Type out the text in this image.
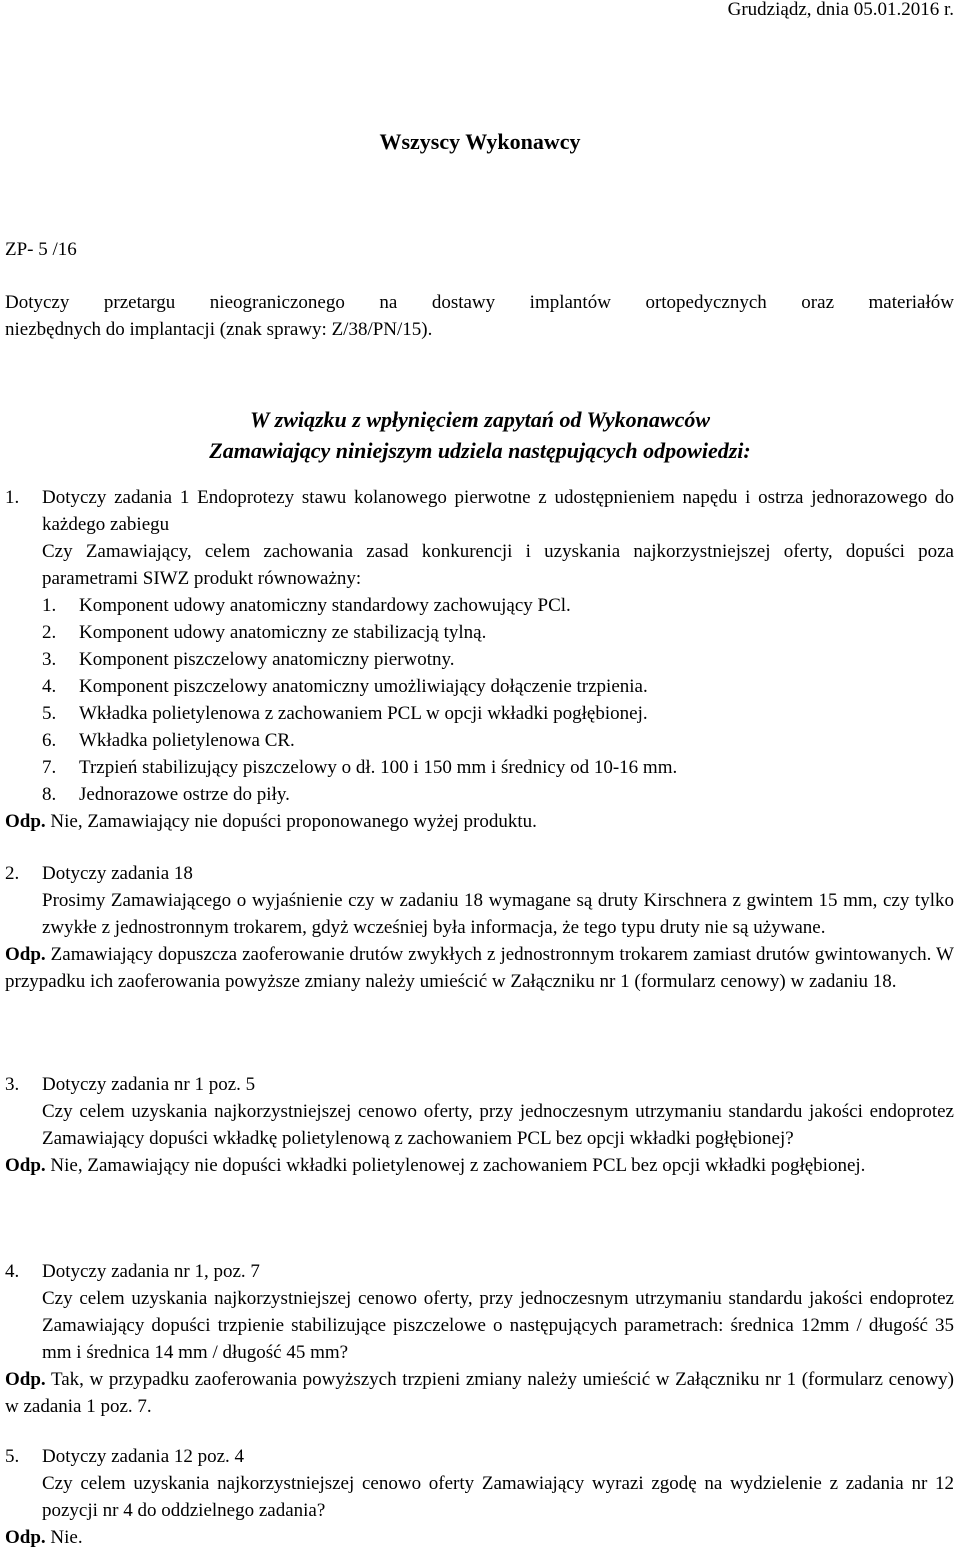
Grudziądz, dnia 05.01.2016 r.
Wszyscy Wykonawcy
ZP- 5 /16
Dotyczy przetargu nieograniczonego na dostawy implantów ortopedycznych oraz materiałów
niezbędnych do implantacji (znak sprawy: Z/38/PN/15).
W związku z wpłynięciem zapytań od Wykonawców
Zamawiający niniejszym udziela następujących odpowiedzi:
1.	Dotyczy zadania 1 Endoprotezy stawu kolanowego pierwotne z udostępnieniem napędu i ostrza jednorazowego do każdego zabiegu
Czy Zamawiający, celem zachowania zasad konkurencji i uzyskania najkorzystniejszej oferty, dopuści poza parametrami SIWZ produkt równoważny:
1.	Komponent udowy anatomiczny standardowy zachowujący PCl.
2.	Komponent udowy anatomiczny ze stabilizacją tylną.
3.	Komponent piszczelowy anatomiczny pierwotny.
4.	Komponent piszczelowy anatomiczny umożliwiający dołączenie trzpienia.
5.	Wkładka polietylenowa z zachowaniem PCL w opcji wkładki pogłębionej.
6.	Wkładka polietylenowa CR.
7.	Trzpień stabilizujący piszczelowy o dł. 100 i 150 mm i średnicy od 10-16 mm.
8.	Jednorazowe ostrze do piły.
Odp. Nie, Zamawiający nie dopuści proponowanego wyżej produktu.
2.	Dotyczy zadania 18
Prosimy Zamawiającego o wyjaśnienie czy w zadaniu 18 wymagane są druty Kirschnera z gwintem 15 mm, czy tylko zwykłe z jednostronnym trokarem, gdyż wcześniej była informacja, że tego typu druty nie są używane.
Odp. Zamawiający dopuszcza zaoferowanie drutów zwykłych z jednostronnym trokarem zamiast drutów gwintowanych. W przypadku ich zaoferowania powyższe zmiany należy umieścić w Załączniku nr 1 (formularz cenowy) w zadaniu 18.
3.	Dotyczy zadania nr 1 poz. 5
Czy celem uzyskania najkorzystniejszej cenowo oferty, przy jednoczesnym utrzymaniu standardu jakości endoprotez Zamawiający dopuści wkładkę polietylenową z zachowaniem PCL bez opcji wkładki pogłębionej?
Odp. Nie, Zamawiający nie dopuści wkładki polietylenowej z zachowaniem PCL bez opcji wkładki pogłębionej.
4.	Dotyczy zadania nr 1, poz. 7
Czy celem uzyskania najkorzystniejszej cenowo oferty, przy jednoczesnym utrzymaniu standardu jakości endoprotez Zamawiający dopuści trzpienie stabilizujące piszczelowe o następujących parametrach: średnica 12mm / długość 35 mm i średnica 14 mm / długość 45 mm?
Odp. Tak, w przypadku zaoferowania powyższych trzpieni zmiany należy umieścić w Załączniku nr 1 (formularz cenowy) w zadania 1 poz. 7.
5.	Dotyczy zadania 12 poz. 4
Czy celem uzyskania najkorzystniejszej cenowo oferty Zamawiający wyrazi zgodę na wydzielenie z zadania nr 12 pozycji nr 4 do oddzielnego zadania?
Odp. Nie.
